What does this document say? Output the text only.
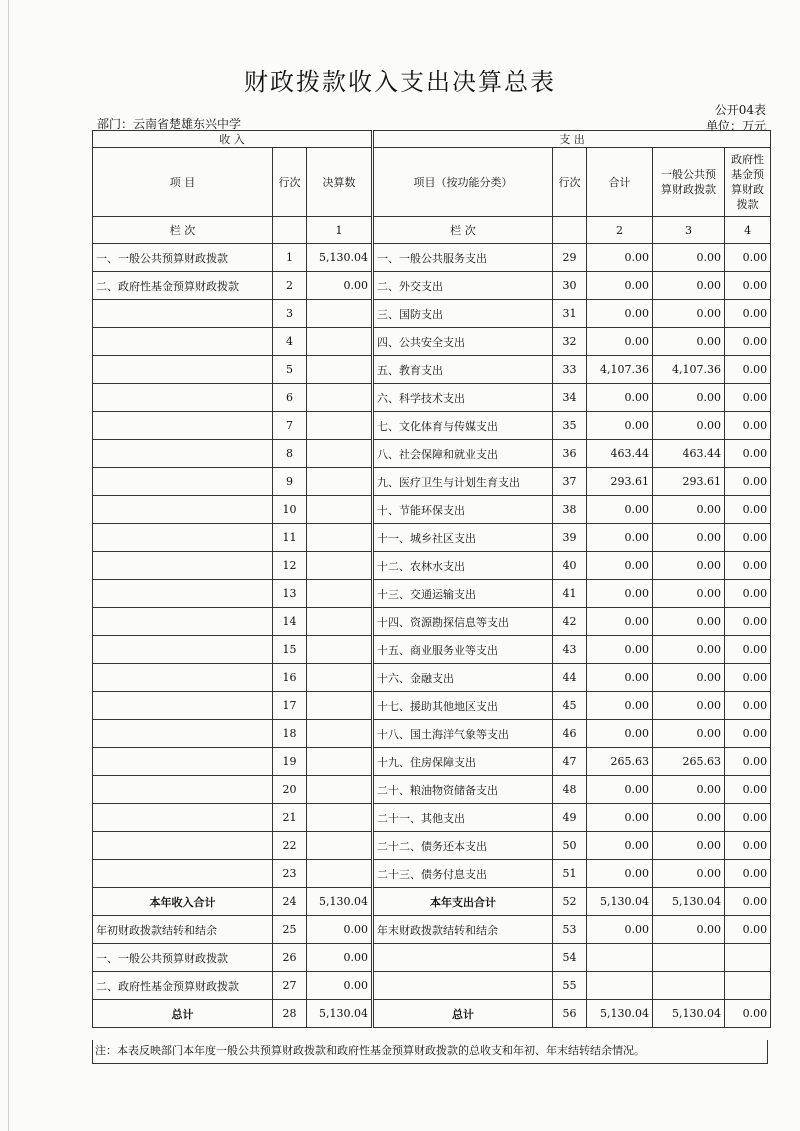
财政拨款收入支出决算总表
公开04表
部门：云南省楚雄东兴中学	单位：万元
收 入			支 出				
项 目	行次	决算数	项目（按功能分类）	行次	合计	一般公共预算财政拨款	政府性基金预算财政拨款
栏 次		1	栏 次		2	3	4
一、一般公共预算财政拨款	1	5,130.04	一、一般公共服务支出	29	0.00	0.00	0.00
二、政府性基金预算财政拨款	2	0.00	二、外交支出	30	0.00	0.00	0.00
	3		三、国防支出	31	0.00	0.00	0.00
	4		四、公共安全支出	32	0.00	0.00	0.00
	5		五、教育支出	33	4,107.36	4,107.36	0.00
	6		六、科学技术支出	34	0.00	0.00	0.00
	7		七、文化体育与传媒支出	35	0.00	0.00	0.00
	8		八、社会保障和就业支出	36	463.44	463.44	0.00
	9		九、医疗卫生与计划生育支出	37	293.61	293.61	0.00
	10		十、节能环保支出	38	0.00	0.00	0.00
	11		十一、城乡社区支出	39	0.00	0.00	0.00
	12		十二、农林水支出	40	0.00	0.00	0.00
	13		十三、交通运输支出	41	0.00	0.00	0.00
	14		十四、资源勘探信息等支出	42	0.00	0.00	0.00
	15		十五、商业服务业等支出	43	0.00	0.00	0.00
	16		十六、金融支出	44	0.00	0.00	0.00
	17		十七、援助其他地区支出	45	0.00	0.00	0.00
	18		十八、国土海洋气象等支出	46	0.00	0.00	0.00
	19		十九、住房保障支出	47	265.63	265.63	0.00
	20		二十、粮油物资储备支出	48	0.00	0.00	0.00
	21		二十一、其他支出	49	0.00	0.00	0.00
	22		二十二、债务还本支出	50	0.00	0.00	0.00
	23		二十三、债务付息支出	51	0.00	0.00	0.00
本年收入合计	24	5,130.04	本年支出合计	52	5,130.04	5,130.04	0.00
年初财政拨款结转和结余	25	0.00	年末财政拨款结转和结余	53	0.00	0.00	0.00
一、一般公共预算财政拨款	26	0.00		54			
二、政府性基金预算财政拨款	27	0.00		55			
总计	28	5,130.04	总计	56	5,130.04	5,130.04	0.00
注：本表反映部门本年度一般公共预算财政拨款和政府性基金预算财政拨款的总收支和年初、年末结转结余情况。
